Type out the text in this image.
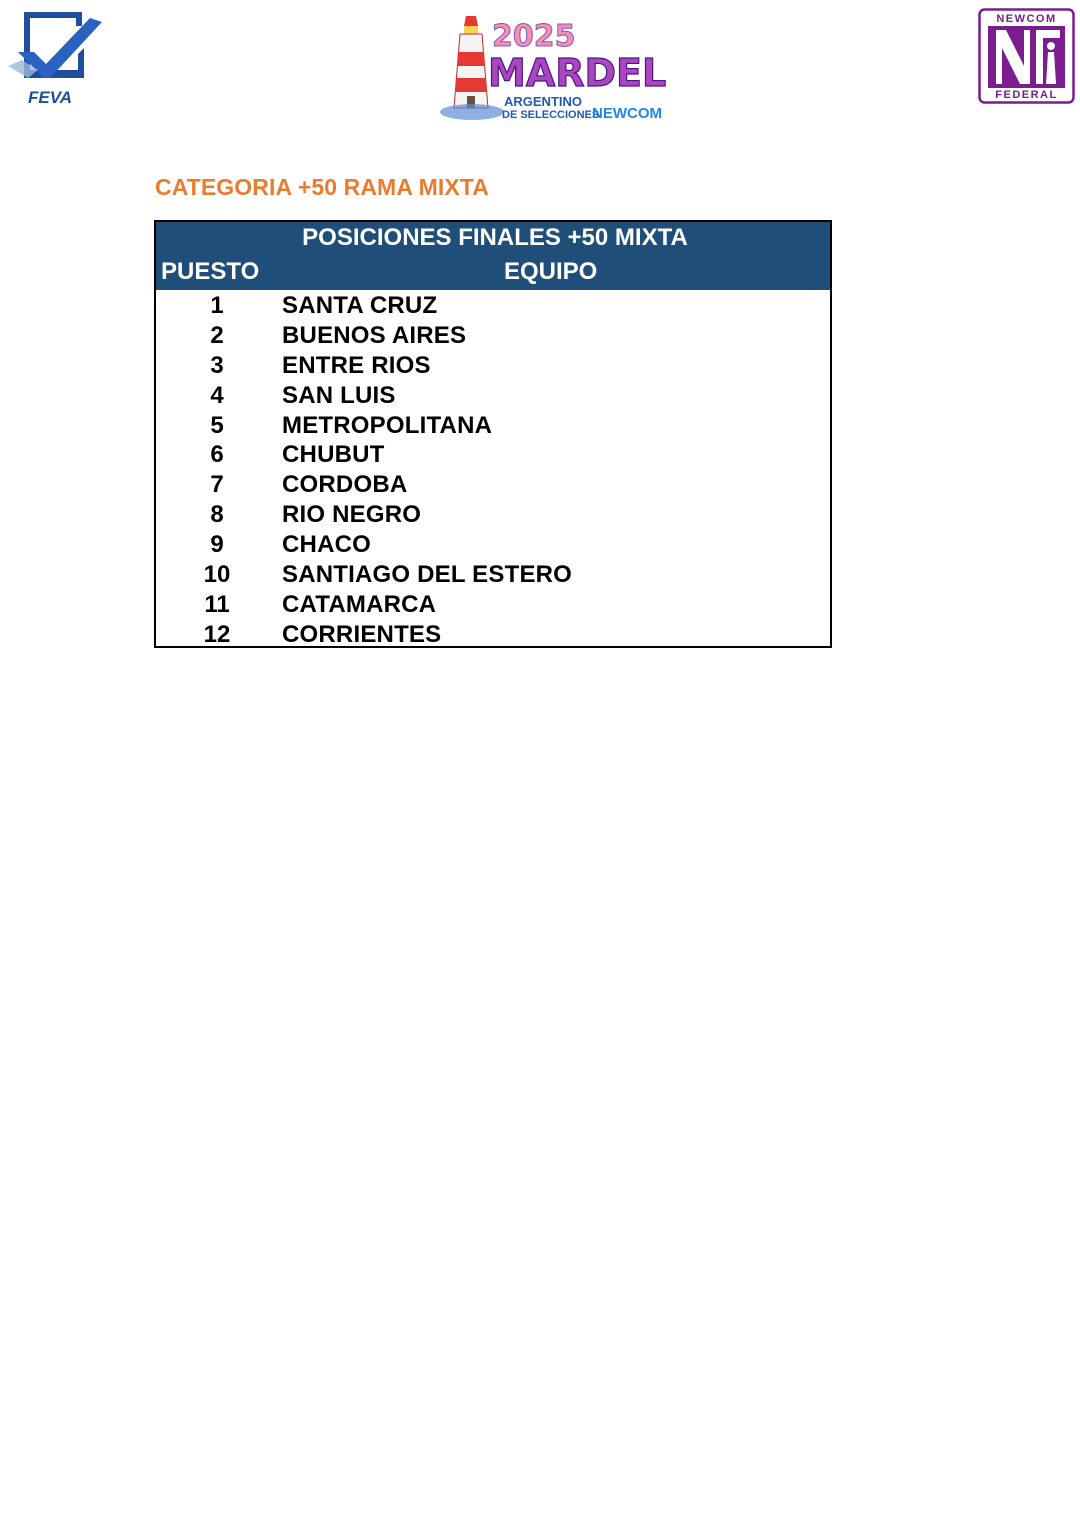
FEVA
2025
MARDEL
ARGENTINO
DE SELECCIONES
NEWCOM
NEWCOM
FEDERAL
CATEGORIA +50 RAMA MIXTA
POSICIONES FINALES +50 MIXTA
PUESTO	EQUIPO
1	SANTA CRUZ
2	BUENOS AIRES
3	ENTRE RIOS
4	SAN LUIS
5	METROPOLITANA
6	CHUBUT
7	CORDOBA
8	RIO NEGRO
9	CHACO
10	SANTIAGO DEL ESTERO
11	CATAMARCA
12	CORRIENTES
